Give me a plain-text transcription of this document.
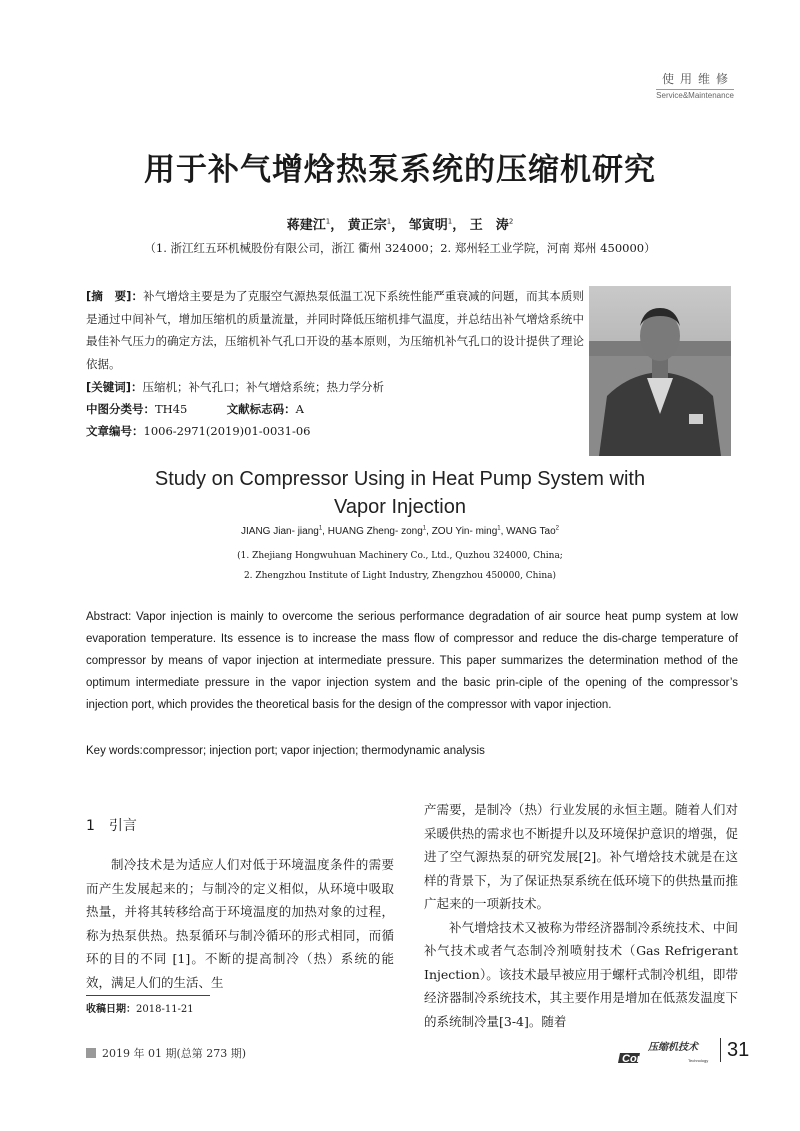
使用维修
Service&Maintenance
用于补气增焓热泵系统的压缩机研究
蒋建江$^1$， 黄正宗$^1$， 邹寅明$^1$， 王　涛$^2$
（1. 浙江红五环机械股份有限公司，浙江 衢州 324000；2. 郑州轻工业学院，河南 郑州 450000）
[摘　要]：补气增焓主要是为了克服空气源热泵低温工况下系统性能严重衰减的问题，而其本质则是通过中间补气，增加压缩机的质量流量，并同时降低压缩机排气温度，并总结出补气增焓系统中最佳补气压力的确定方法，压缩机补气孔口开设的基本原则，为压缩机补气孔口的设计提供了理论依据。
[关键词]：压缩机；补气孔口；补气增焓系统；热力学分析
中图分类号：TH45	文献标志码：A
文章编号：1006-2971(2019)01-0031-06
Study on Compressor Using in Heat Pump System with
Vapor Injection
JIANG Jian- jiang$^1$, HUANG Zheng- zong$^1$, ZOU Yin- ming$^1$, WANG Tao$^2$
(1. Zhejiang Hongwuhuan Machinery Co., Ltd., Quzhou 324000, China;
2. Zhengzhou Institute of Light Industry, Zhengzhou 450000, China)
Abstract: Vapor injection is mainly to overcome the serious performance degradation of air source heat pump system at low evaporation temperature. Its essence is to increase the mass flow of compressor and reduce the dis-charge temperature of compressor by means of vapor injection at intermediate pressure. This paper summarizes the determination method of the optimum intermediate pressure in the vapor injection system and the basic prin-ciple of the opening of the compressor’s injection port, which provides the theoretical basis for the design of the compressor with vapor injection.
Key words:compressor; injection port; vapor injection; thermodynamic analysis
1　引言
制冷技术是为适应人们对低于环境温度条件的需要而产生发展起来的；与制冷的定义相似，从环境中吸取热量，并将其转移给高于环境温度的加热对象的过程，称为热泵供热。热泵循环与制冷循环的形式相同，而循环的目的不同 [1]。不断的提高制冷（热）系统的能效，满足人们的生活、生
产需要，是制冷（热）行业发展的永恒主题。随着人们对采暖供热的需求也不断提升以及环境保护意识的增强，促进了空气源热泵的研究发展[2]。补气增焓技术就是在这样的背景下，为了保证热泵系统在低环境下的供热量而推广起来的一项新技术。
补气增焓技术又被称为带经济器制冷系统技术、中间补气技术或者气态制冷剂喷射技术（Gas Refrigerant Injection）。该技术最早被应用于螺杆式制冷机组，即带经济器制冷系统技术，其主要作用是增加在低蒸发温度下的系统制冷量[3-4]。随着
收稿日期：2018-11-21
2019 年 01 期(总第 273 期)	压缩机技术
Compressor Technology 31
